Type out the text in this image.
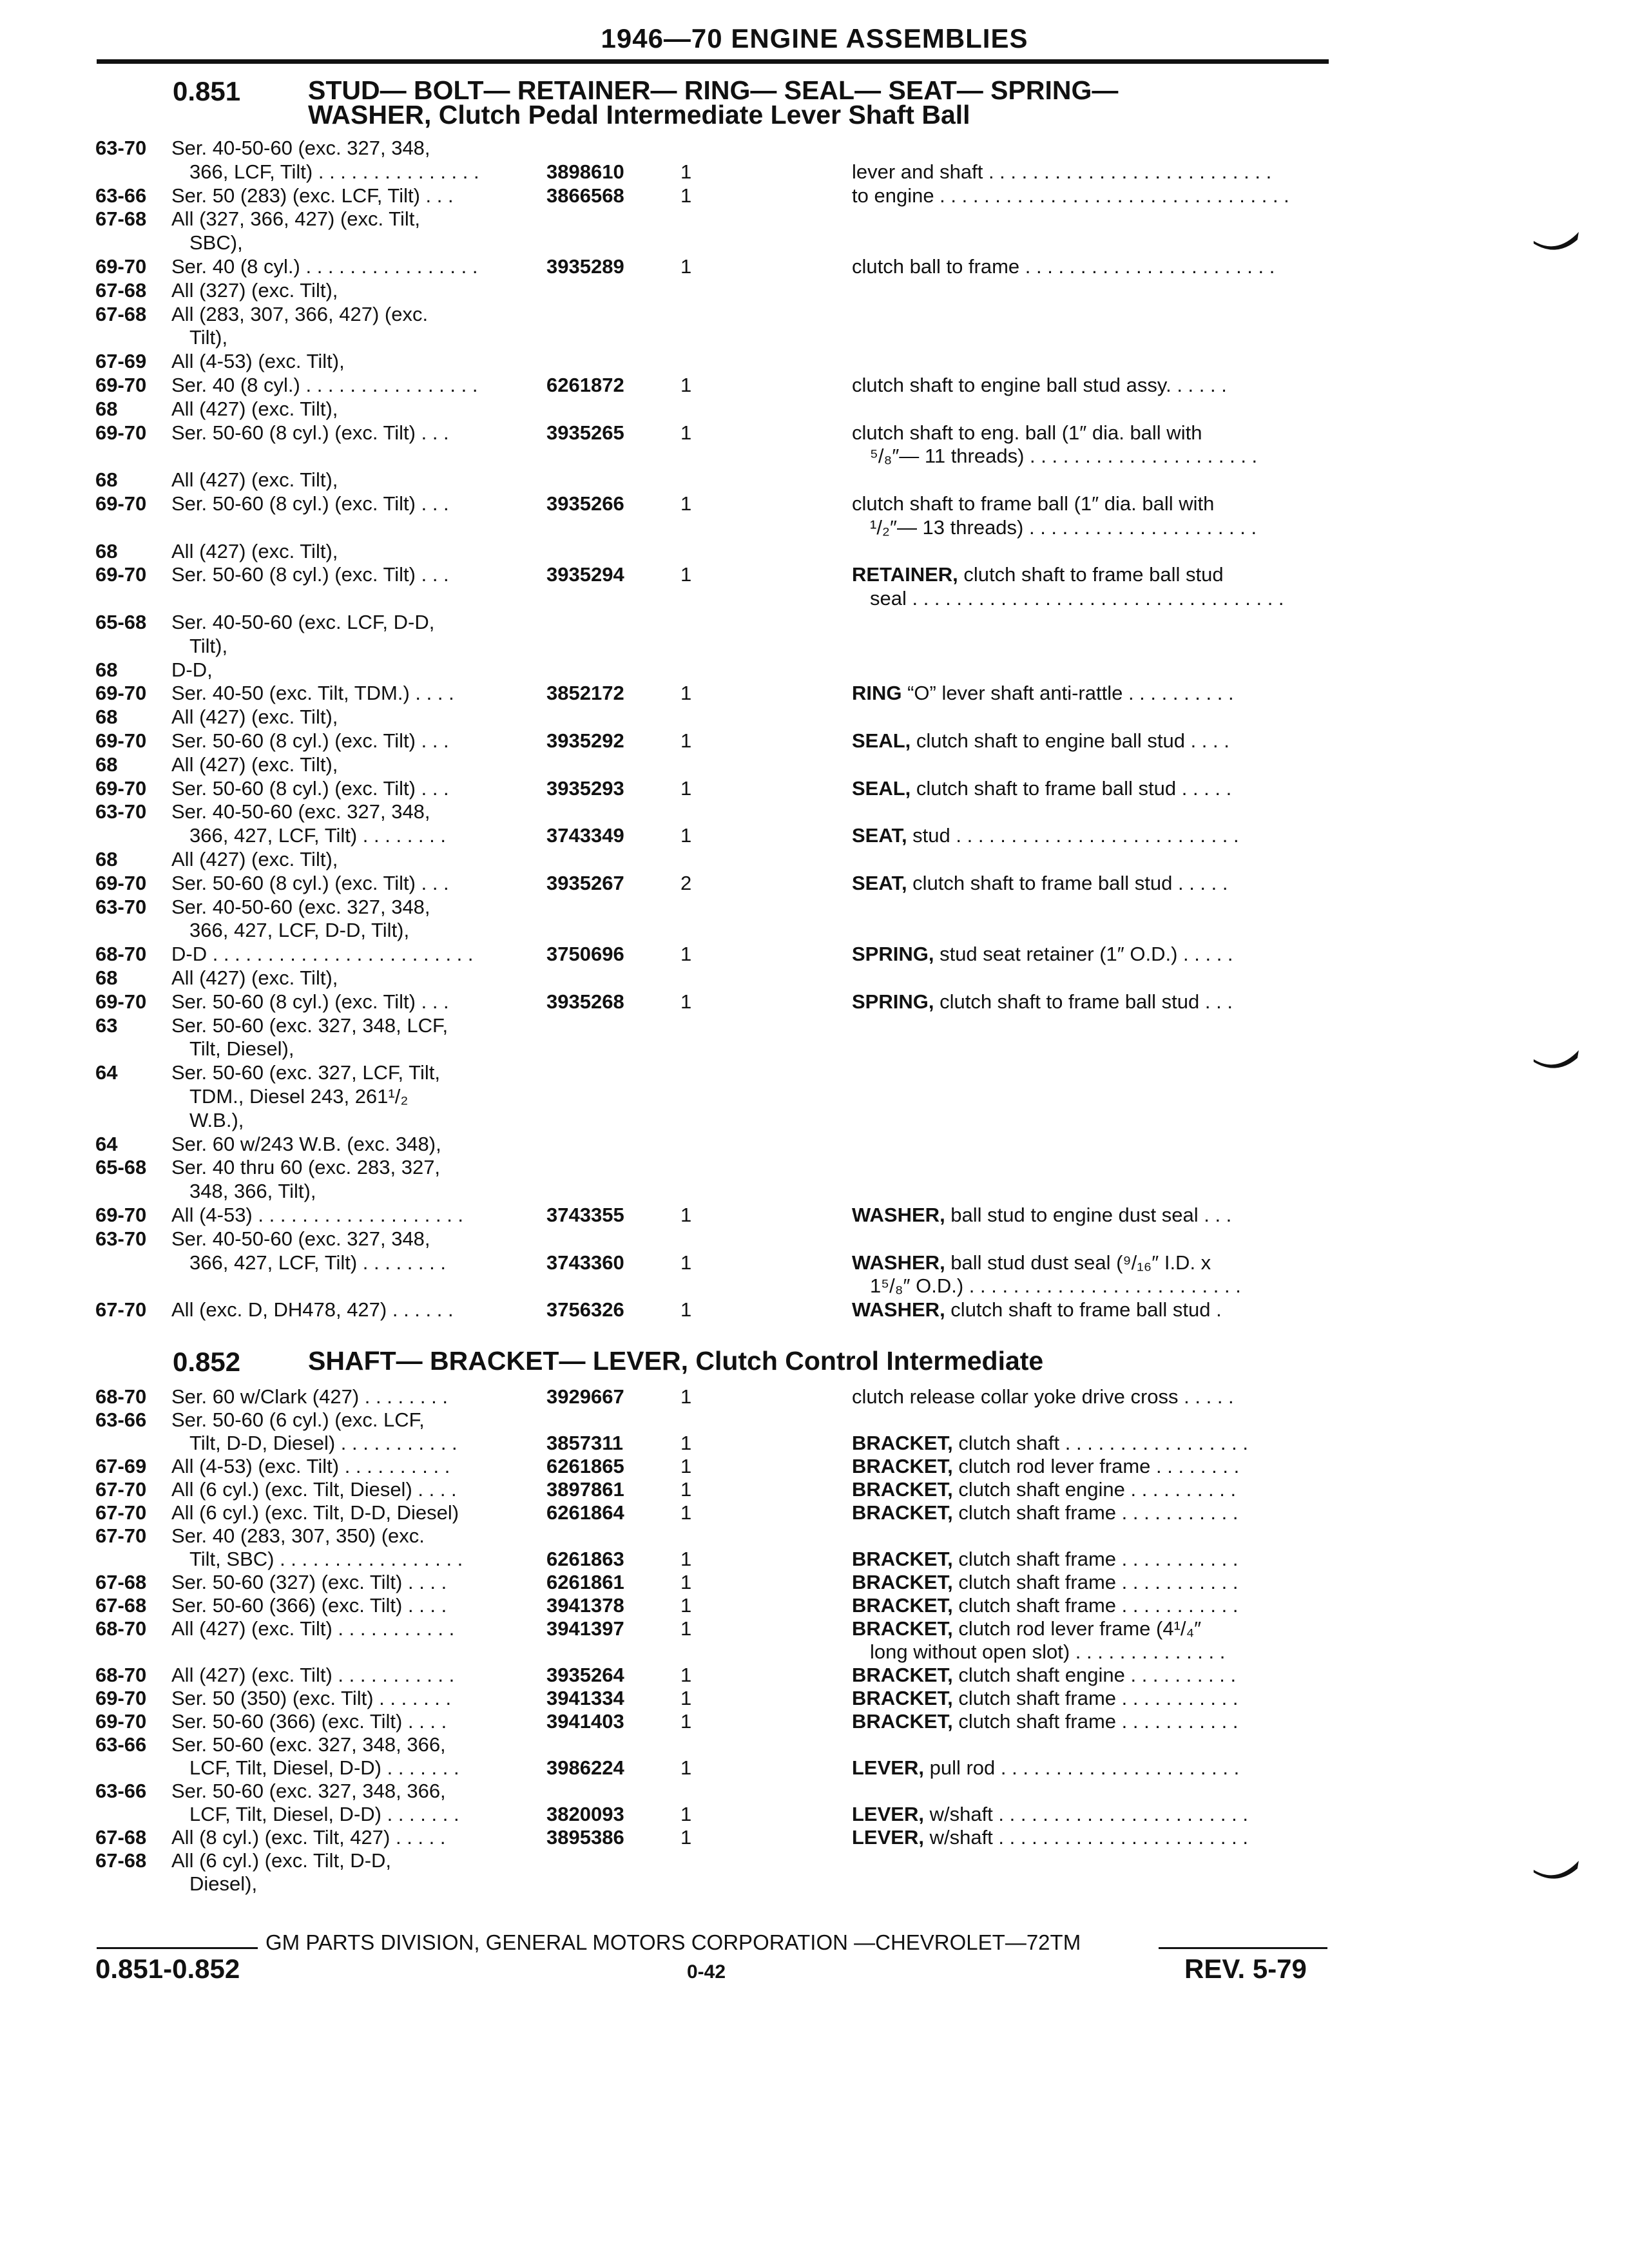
1946—70 ENGINE ASSEMBLIES
0.851	STUD— BOLT— RETAINER— RING— SEAL— SEAT— SPRING—
WASHER, Clutch Pedal Intermediate Lever Shaft Ball
63-70 Ser. 40-50-60 (exc. 327, 348,
366, LCF, Tilt) . . . . . . . . . . . . . . .	3898610	1	lever and shaft . . . . . . . . . . . . . . . . . . . . . . . . . .
63-66 Ser. 50 (283) (exc. LCF, Tilt) . . .	3866568	1	to engine . . . . . . . . . . . . . . . . . . . . . . . . . . . . . . . .
67-68 All (327, 366, 427) (exc. Tilt,
SBC),
69-70 Ser. 40 (8 cyl.) . . . . . . . . . . . . . . . .	3935289	1	clutch ball to frame . . . . . . . . . . . . . . . . . . . . . . .
67-68 All (327) (exc. Tilt),
67-68 All (283, 307, 366, 427) (exc.
Tilt),
67-69 All (4-53) (exc. Tilt),
69-70 Ser. 40 (8 cyl.) . . . . . . . . . . . . . . . .	6261872	1	clutch shaft to engine ball stud assy. . . . . .
68	All (427) (exc. Tilt),
69-70 Ser. 50-60 (8 cyl.) (exc. Tilt) . . .	3935265	1	clutch shaft to eng. ball (1″ dia. ball with
⁵/₈″— 11 threads) . . . . . . . . . . . . . . . . . . . . .
68	All (427) (exc. Tilt),
69-70 Ser. 50-60 (8 cyl.) (exc. Tilt) . . .	3935266	1	clutch shaft to frame ball (1″ dia. ball with
¹/₂″— 13 threads) . . . . . . . . . . . . . . . . . . . . .
68	All (427) (exc. Tilt),
69-70 Ser. 50-60 (8 cyl.) (exc. Tilt) . . .	3935294	1	RETAINER, clutch shaft to frame ball stud
seal . . . . . . . . . . . . . . . . . . . . . . . . . . . . . . . . . .
65-68 Ser. 40-50-60 (exc. LCF, D-D,
Tilt),
68	D-D,
69-70 Ser. 40-50 (exc. Tilt, TDM.) . . . .	3852172	1	RING “O” lever shaft anti-rattle . . . . . . . . . .
68	All (427) (exc. Tilt),
69-70 Ser. 50-60 (8 cyl.) (exc. Tilt) . . .	3935292	1	SEAL, clutch shaft to engine ball stud . . . .
68	All (427) (exc. Tilt),
69-70 Ser. 50-60 (8 cyl.) (exc. Tilt) . . .	3935293	1	SEAL, clutch shaft to frame ball stud . . . . .
63-70 Ser. 40-50-60 (exc. 327, 348,
366, 427, LCF, Tilt) . . . . . . . .	3743349	1	SEAT, stud . . . . . . . . . . . . . . . . . . . . . . . . . .
68	All (427) (exc. Tilt),
69-70 Ser. 50-60 (8 cyl.) (exc. Tilt) . . .	3935267	2	SEAT, clutch shaft to frame ball stud . . . . .
63-70 Ser. 40-50-60 (exc. 327, 348,
366, 427, LCF, D-D, Tilt),
68-70 D-D . . . . . . . . . . . . . . . . . . . . . . . .	3750696	1	SPRING, stud seat retainer (1″ O.D.) . . . . .
68	All (427) (exc. Tilt),
69-70 Ser. 50-60 (8 cyl.) (exc. Tilt) . . .	3935268	1	SPRING, clutch shaft to frame ball stud . . .
63	Ser. 50-60 (exc. 327, 348, LCF,
Tilt, Diesel),
64	Ser. 50-60 (exc. 327, LCF, Tilt,
TDM., Diesel 243, 261¹/₂
W.B.),
64	Ser. 60 w/243 W.B. (exc. 348),
65-68 Ser. 40 thru 60 (exc. 283, 327,
348, 366, Tilt),
69-70 All (4-53) . . . . . . . . . . . . . . . . . . .	3743355	1	WASHER, ball stud to engine dust seal . . .
63-70 Ser. 40-50-60 (exc. 327, 348,
366, 427, LCF, Tilt) . . . . . . . .	3743360	1	WASHER, ball stud dust seal (⁹/₁₆″ I.D. x
1⁵/₈″ O.D.) . . . . . . . . . . . . . . . . . . . . . . . . .
67-70 All (exc. D, DH478, 427) . . . . . .	3756326	1	WASHER, clutch shaft to frame ball stud .
0.852	SHAFT— BRACKET— LEVER, Clutch Control Intermediate
68-70 Ser. 60 w/Clark (427) . . . . . . . .	3929667	1	clutch release collar yoke drive cross . . . . .
63-66 Ser. 50-60 (6 cyl.) (exc. LCF,
Tilt, D-D, Diesel) . . . . . . . . . . .	3857311	1	BRACKET, clutch shaft . . . . . . . . . . . . . . . . .
67-69 All (4-53) (exc. Tilt) . . . . . . . . . .	6261865	1	BRACKET, clutch rod lever frame . . . . . . . .
67-70 All (6 cyl.) (exc. Tilt, Diesel) . . . .	3897861	1	BRACKET, clutch shaft engine . . . . . . . . . .
67-70 All (6 cyl.) (exc. Tilt, D-D, Diesel)	6261864	1	BRACKET, clutch shaft frame . . . . . . . . . . .
67-70 Ser. 40 (283, 307, 350) (exc.
Tilt, SBC) . . . . . . . . . . . . . . . . .	6261863	1	BRACKET, clutch shaft frame . . . . . . . . . . .
67-68 Ser. 50-60 (327) (exc. Tilt) . . . .	6261861	1	BRACKET, clutch shaft frame . . . . . . . . . . .
67-68 Ser. 50-60 (366) (exc. Tilt) . . . .	3941378	1	BRACKET, clutch shaft frame . . . . . . . . . . .
68-70 All (427) (exc. Tilt) . . . . . . . . . . .	3941397	1	BRACKET, clutch rod lever frame (4¹/₄″
long without open slot) . . . . . . . . . . . . . .
68-70 All (427) (exc. Tilt) . . . . . . . . . . .	3935264	1	BRACKET, clutch shaft engine . . . . . . . . . .
69-70 Ser. 50 (350) (exc. Tilt) . . . . . . .	3941334	1	BRACKET, clutch shaft frame . . . . . . . . . . .
69-70 Ser. 50-60 (366) (exc. Tilt) . . . .	3941403	1	BRACKET, clutch shaft frame . . . . . . . . . . .
63-66 Ser. 50-60 (exc. 327, 348, 366,
LCF, Tilt, Diesel, D-D) . . . . . . .	3986224	1	LEVER, pull rod . . . . . . . . . . . . . . . . . . . . . .
63-66 Ser. 50-60 (exc. 327, 348, 366,
LCF, Tilt, Diesel, D-D) . . . . . . .	3820093	1	LEVER, w/shaft . . . . . . . . . . . . . . . . . . . . . . .
67-68 All (8 cyl.) (exc. Tilt, 427) . . . . .	3895386	1	LEVER, w/shaft . . . . . . . . . . . . . . . . . . . . . . .
67-68 All (6 cyl.) (exc. Tilt, D-D,
Diesel),
GM PARTS DIVISION, GENERAL MOTORS CORPORATION —CHEVROLET—72TM
0.851-0.852	0-42	REV. 5-79
